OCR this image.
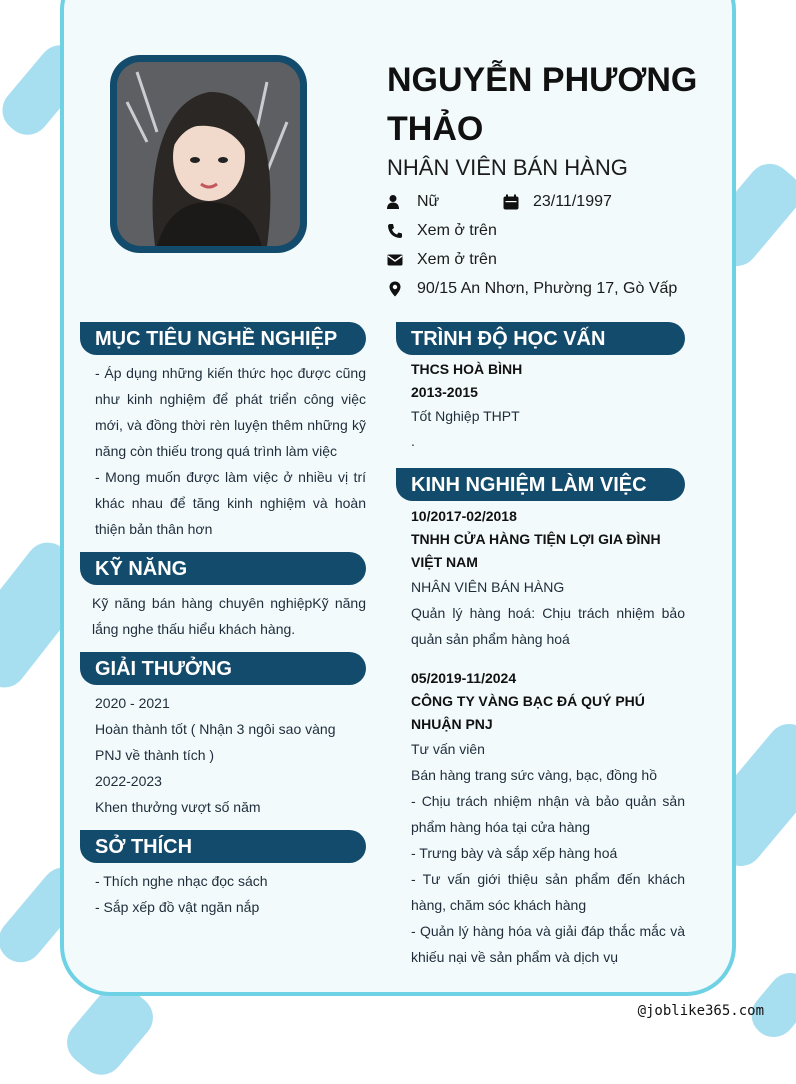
NGUYỄN PHƯƠNG THẢO

NHÂN VIÊN BÁN HÀNG

Nữ	23/11/1997
Xem ở trên
Xem ở trên
90/15 An Nhơn, Phường 17, Gò Vấp
MỤC TIÊU NGHỀ NGHIỆP

- Áp dụng những kiến thức học được cũng như kinh nghiệm để phát triển công việc mới, và đồng thời rèn luyện thêm những kỹ năng còn thiếu trong quá trình làm việc

- Mong muốn được làm việc ở nhiều vị trí khác nhau để tăng kinh nghiệm và hoàn thiện bản thân hơn

KỸ NĂNG

Kỹ năng bán hàng chuyên nghiệpKỹ năng lắng nghe thấu hiểu khách hàng.

GIẢI THƯỞNG

2020 - 2021

Hoàn thành tốt ( Nhận 3 ngôi sao vàng PNJ về thành tích )

2022-2023

Khen thưởng vượt số năm

SỞ THÍCH

- Thích nghe nhạc đọc sách

- Sắp xếp đồ vật ngăn nắp

TRÌNH ĐỘ HỌC VẤN

THCS HOÀ BÌNH

2013-2015

Tốt Nghiệp THPT

.

KINH NGHIỆM LÀM VIỆC

10/2017-02/2018

TNHH CỬA HÀNG TIỆN LỢI GIA ĐÌNH VIỆT NAM

NHÂN VIÊN BÁN HÀNG

Quản lý hàng hoá: Chịu trách nhiệm bảo quản sản phẩm hàng hoá

05/2019-11/2024

CÔNG TY VÀNG BẠC ĐÁ QUÝ PHÚ NHUẬN PNJ

Tư vấn viên

Bán hàng trang sức vàng, bạc, đồng hồ

- Chịu trách nhiệm nhận và bảo quản sản phẩm hàng hóa tại cửa hàng

- Trưng bày và sắp xếp hàng hoá

- Tư vấn giới thiệu sản phẩm đến khách hàng, chăm sóc khách hàng

- Quản lý hàng hóa và giải đáp thắc mắc và khiếu nại về sản phẩm và dịch vụ

@joblike365.com
